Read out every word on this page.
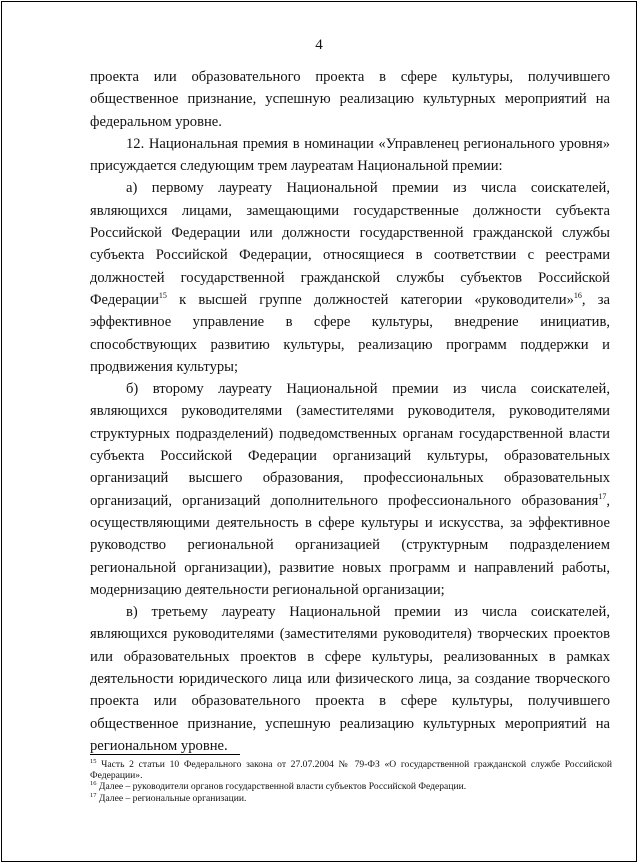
4

проекта или образовательного проекта в сфере культуры, получившего общественное признание, успешную реализацию культурных мероприятий на федеральном уровне.

12. Национальная премия в номинации «Управленец регионального уровня» присуждается следующим трем лауреатам Национальной премии:

а) первому лауреату Национальной премии из числа соискателей, являющихся лицами, замещающими государственные должности субъекта Российской Федерации или должности государственной гражданской службы субъекта Российской Федерации, относящиеся в соответствии с реестрами должностей государственной гражданской службы субъектов Российской Федерации$^{15}$ к высшей группе должностей категории «руководители»$^{16}$, за эффективное управление в сфере культуры, внедрение инициатив, способствующих развитию культуры, реализацию программ поддержки и продвижения культуры;

б) второму лауреату Национальной премии из числа соискателей, являющихся руководителями (заместителями руководителя, руководителями структурных подразделений) подведомственных органам государственной власти субъекта Российской Федерации организаций культуры, образовательных организаций высшего образования, профессиональных образовательных организаций, организаций дополнительного профессионального образования$^{17}$, осуществляющими деятельность в сфере культуры и искусства, за эффективное руководство региональной организацией (структурным подразделением региональной организации), развитие новых программ и направлений работы, модернизацию деятельности региональной организации;

в) третьему лауреату Национальной премии из числа соискателей, являющихся руководителями (заместителями руководителя) творческих проектов или образовательных проектов в сфере культуры, реализованных в рамках деятельности юридического лица или физического лица, за создание творческого проекта или образовательного проекта в сфере культуры, получившего общественное признание, успешную реализацию культурных мероприятий на региональном уровне.

$^{15}$ Часть 2 статьи 10 Федерального закона от 27.07.2004 № 79-ФЗ «О государственной гражданской службе Российской Федерации».

$^{16}$ Далее – руководители органов государственной власти субъектов Российской Федерации.

$^{17}$ Далее – региональные организации.
